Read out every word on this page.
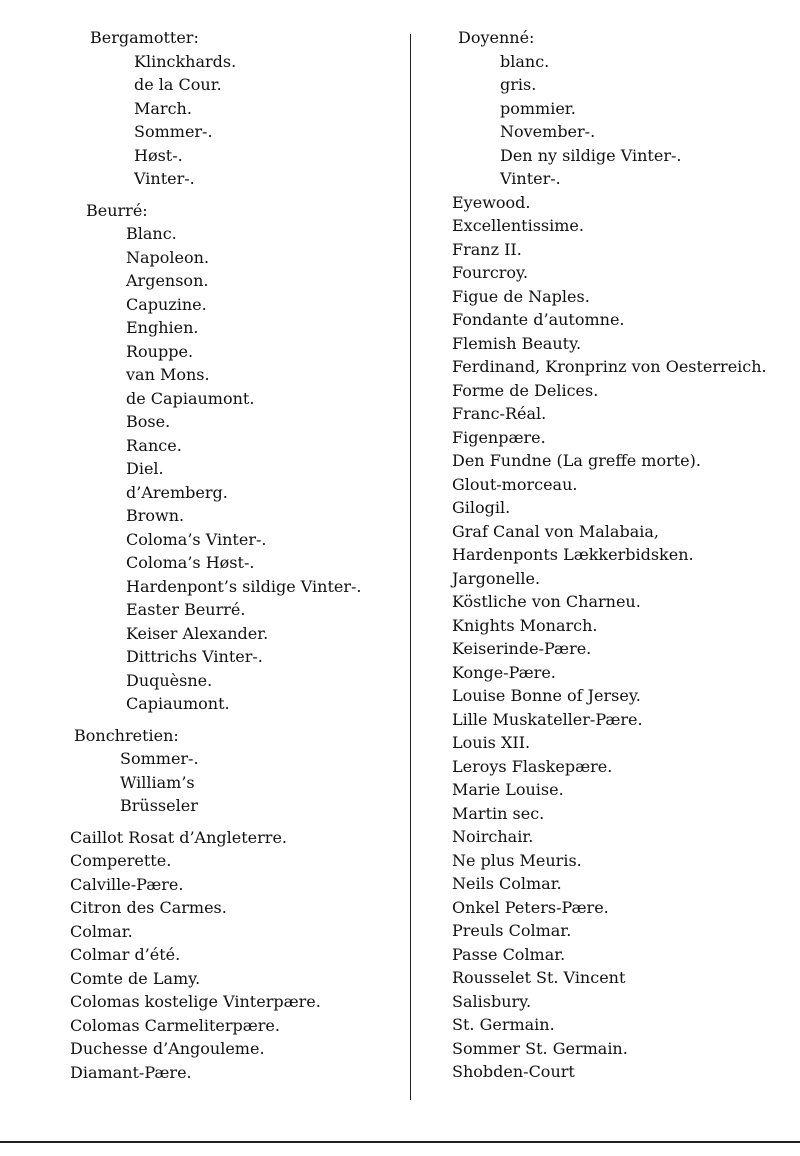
Bergamotter:
Klinckhards.
de la Cour.
March.
Sommer-.
Høst-.
Vinter-.
Beurré:
Blanc.
Napoleon.
Argenson.
Capuzine.
Enghien.
Rouppe.
van Mons.
de Capiaumont.
Bose.
Rance.
Diel.
d’Aremberg.
Brown.
Coloma’s Vinter-.
Coloma’s Høst-.
Hardenpont’s sildige Vinter-.
Easter Beurré.
Keiser Alexander.
Dittrichs Vinter-.
Duquèsne.
Capiaumont.
Bonchretien:
Sommer-.
William’s
Brüsseler
Caillot Rosat d’Angleterre.
Comperette.
Calville-Pære.
Citron des Carmes.
Colmar.
Colmar d’été.
Comte de Lamy.
Colomas kostelige Vinterpære.
Colomas Carmeliterpære.
Duchesse d’Angouleme.
Diamant-Pære.
Doyenné:
blanc.
gris.
pommier.
November-.
Den ny sildige Vinter-.
Vinter-.
Eyewood.
Excellentissime.
Franz II.
Fourcroy.
Figue de Naples.
Fondante d’automne.
Flemish Beauty.
Ferdinand, Kronprinz von Oesterreich.
Forme de Delices.
Franc-Réal.
Figenpære.
Den Fundne (La greffe morte).
Glout-morceau.
Gilogil.
Graf Canal von Malabaia,
Hardenponts Lækkerbidsken.
Jargonelle.
Köstliche von Charneu.
Knights Monarch.
Keiserinde-Pære.
Konge-Pære.
Louise Bonne of Jersey.
Lille Muskateller-Pære.
Louis XII.
Leroys Flaskepære.
Marie Louise.
Martin sec.
Noirchair.
Ne plus Meuris.
Neils Colmar.
Onkel Peters-Pære.
Preuls Colmar.
Passe Colmar.
Rousselet St. Vincent
Salisbury.
St. Germain.
Sommer St. Germain.
Shobden-Court
